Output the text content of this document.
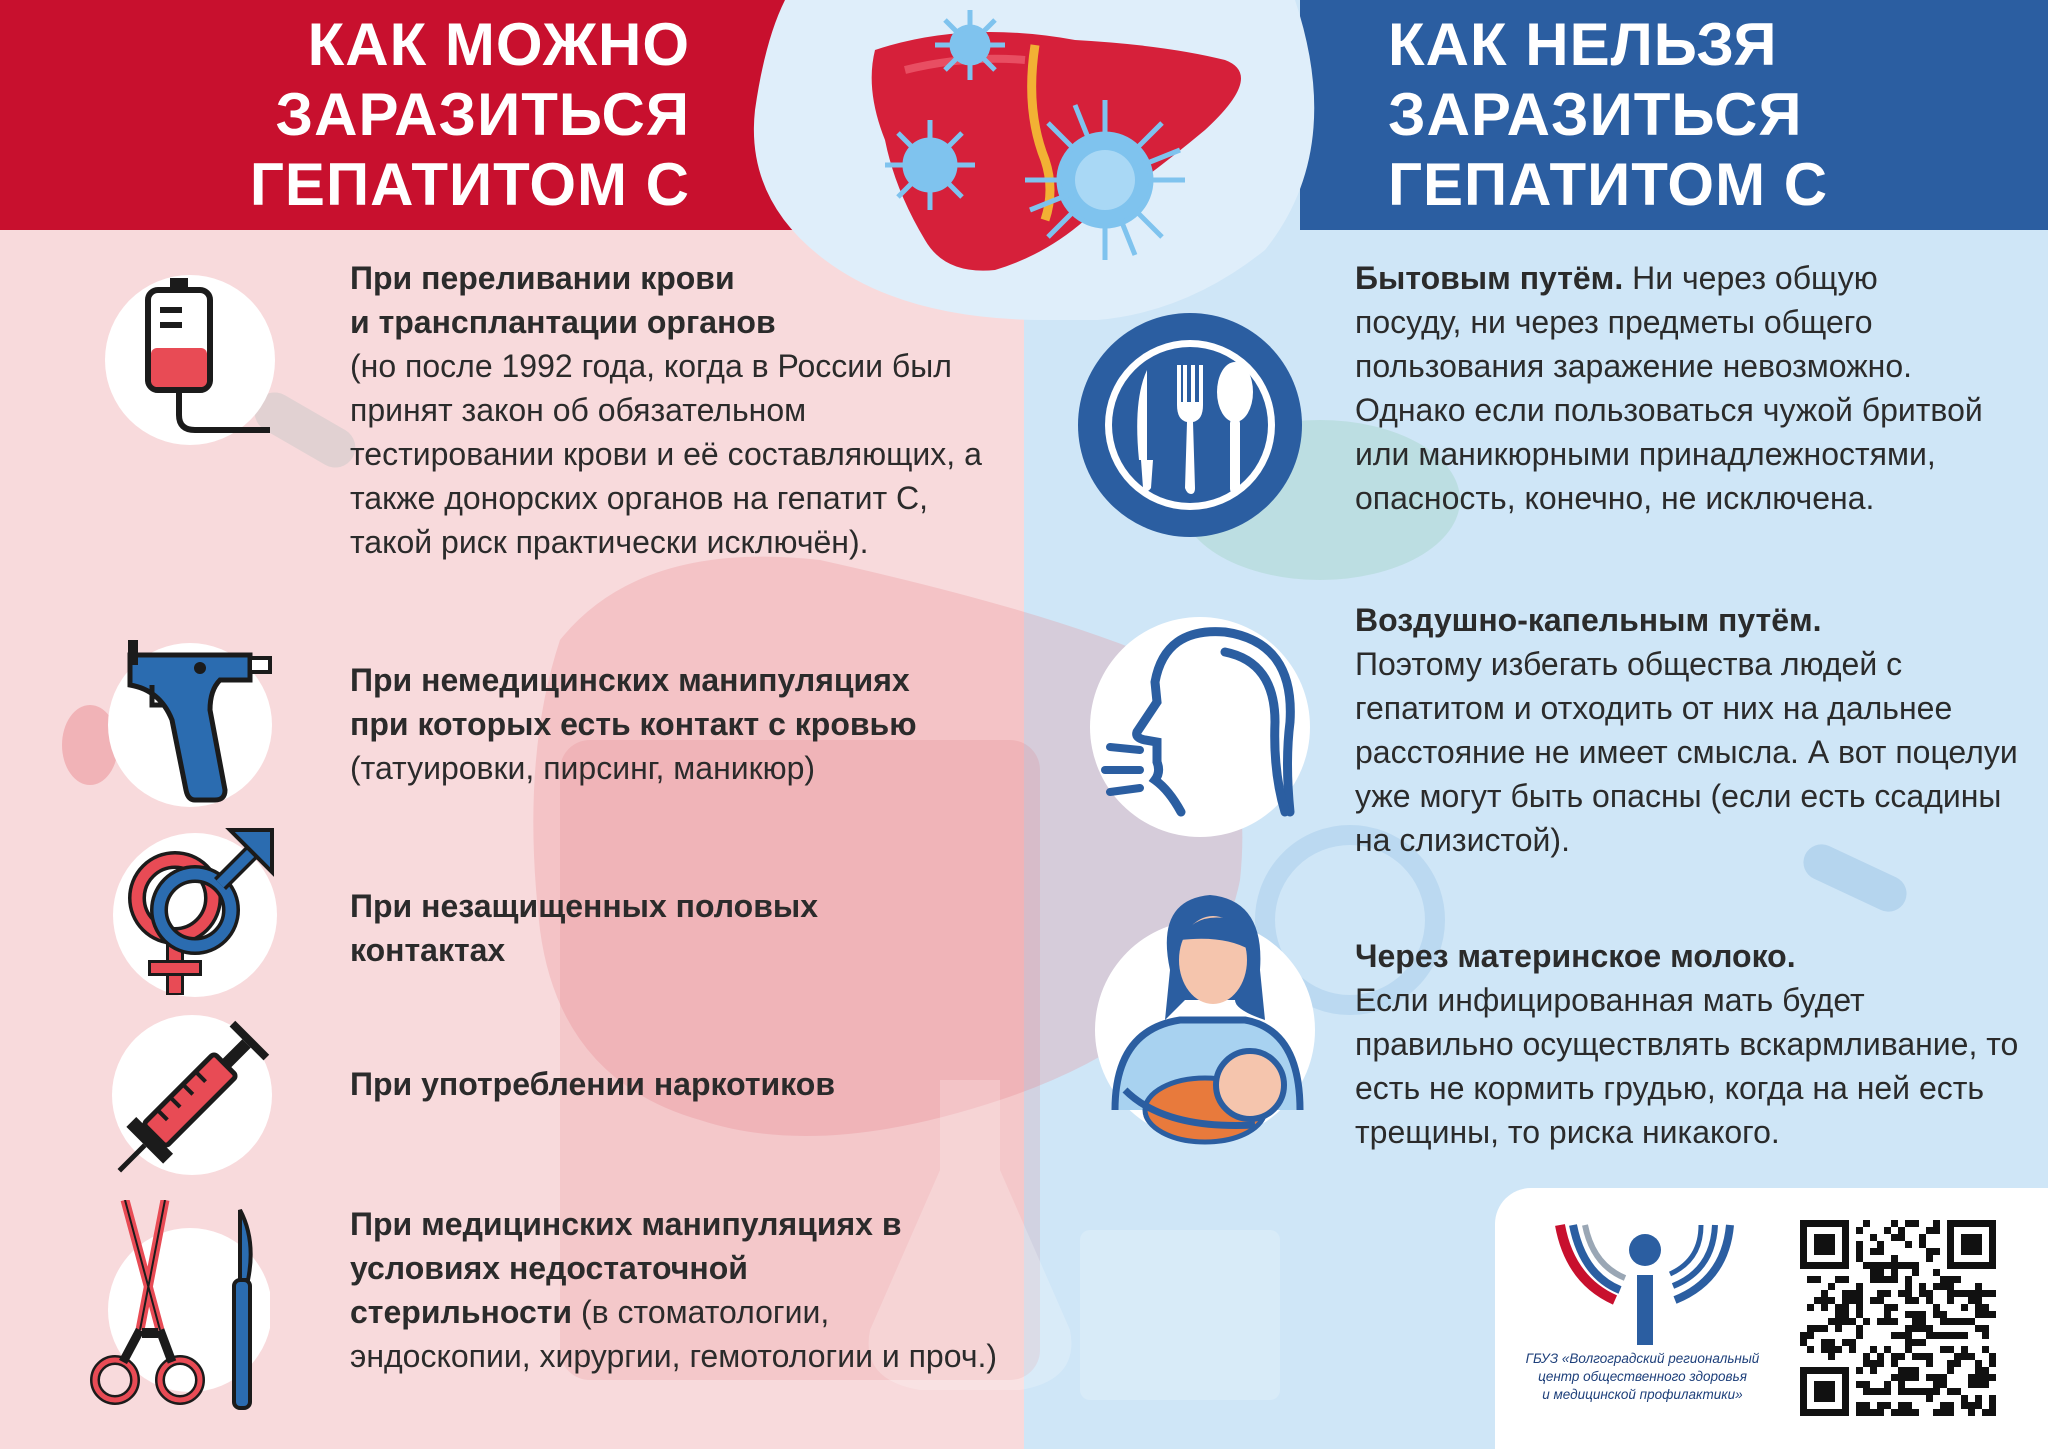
КАК МОЖНО
ЗАРАЗИТЬСЯ
ГЕПАТИТОМ С
КАК НЕЛЬЗЯ
ЗАРАЗИТЬСЯ
ГЕПАТИТОМ С
При переливании крови
и трансплантации органов
(но после 1992 года, когда в России был
принят закон об обязательном
тестировании крови и её составляющих, а
также донорских органов на гепатит С,
такой риск практически исключён).
При немедицинских манипуляциях
при которых есть контакт с кровью
(татуировки, пирсинг, маникюр)
При незащищенных половых
контактах
При употреблении наркотиков
При медицинских манипуляциях в
условиях недостаточной
стерильности (в стоматологии,
эндоскопии, хирургии, гемотологии и проч.)
Бытовым путём. Ни через общую
посуду, ни через предметы общего
пользования заражение невозможно.
Однако если пользоваться чужой бритвой
или маникюрными принадлежностями,
опасность, конечно, не исключена.
Воздушно-капельным путём.
Поэтому избегать общества людей с
гепатитом и отходить от них на дальнее
расстояние не имеет смысла. А вот поцелуи
уже могут быть опасны (если есть ссадины
на слизистой).
Через материнское молоко.
Если инфицированная мать будет
правильно осуществлять вскармливание, то
есть не кормить грудью, когда на ней есть
трещины, то риска никакого.
ГБУЗ «Волгоградский региональный
центр общественного здоровья
и медицинской профилактики»
